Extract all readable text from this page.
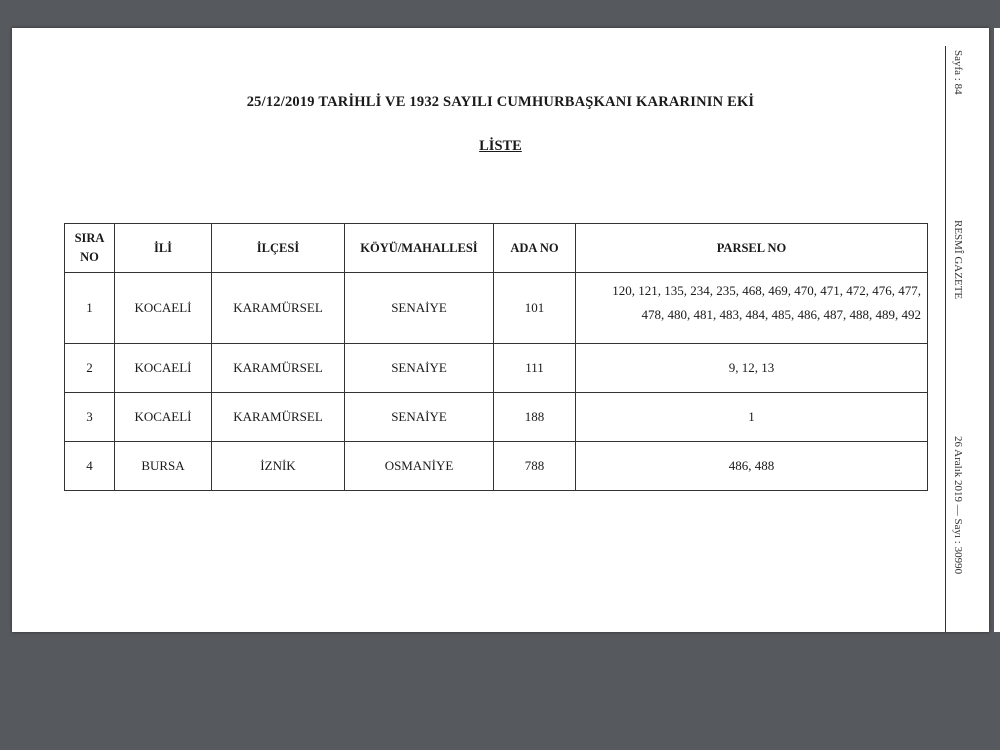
25/12/2019 TARİHLİ VE 1932 SAYILI CUMHURBAŞKANI KARARININ EKİ
LİSTE
Sayfa : 84
RESMÎ GAZETE
26 Aralık 2019 — Sayı : 30990
SIRA
NO	İLİ	İLÇESİ	KÖYÜ/MAHALLESİ	ADA NO	PARSEL NO
1	KOCAELİ	KARAMÜRSEL	SENAİYE	101	120, 121, 135, 234, 235, 468, 469, 470, 471, 472, 476, 477,
478, 480, 481, 483, 484, 485, 486, 487, 488, 489, 492

2	KOCAELİ	KARAMÜRSEL	SENAİYE	111	9, 12, 13
3	KOCAELİ	KARAMÜRSEL	SENAİYE	188	1
4	BURSA	İZNİK	OSMANİYE	788	486, 488
